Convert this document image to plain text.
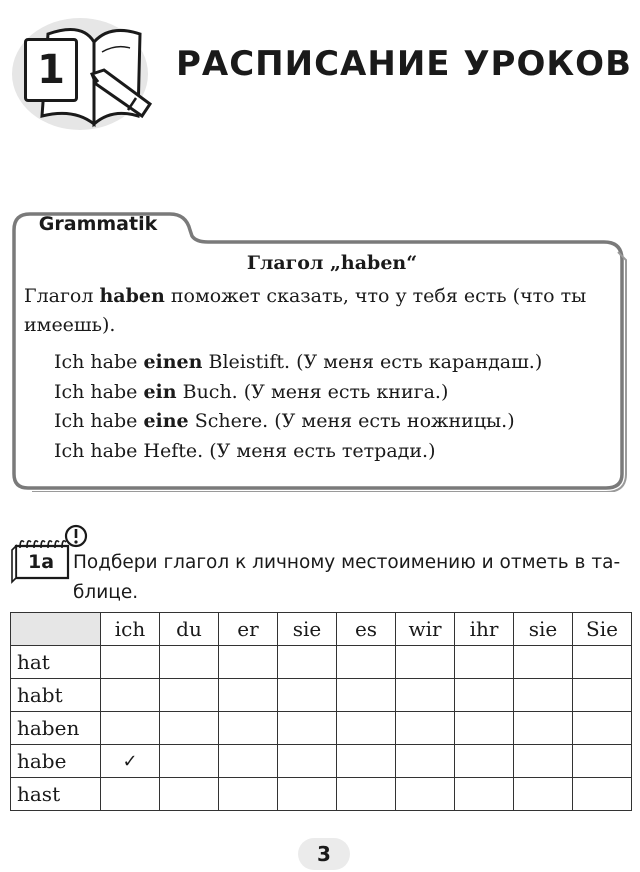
1	РАСПИСАНИЕ УРОКОВ
Grammatik
Глагол „haben“

Глагол haben поможет сказать, что у тебя есть (что ты имеешь).

Ich habe einen Bleistift. (У меня есть карандаш.)
Ich habe ein Buch. (У меня есть книга.)
Ich habe eine Schere. (У меня есть ножницы.)
Ich habe Hefte. (У меня есть тетради.)
1a	Подбери глагол к личному местоимению и отметь в та-
блице.
	ich	du	er	sie	es	wir	ihr	sie	Sie
hat									
habt									
haben									
habe	✓								
hast									
3
